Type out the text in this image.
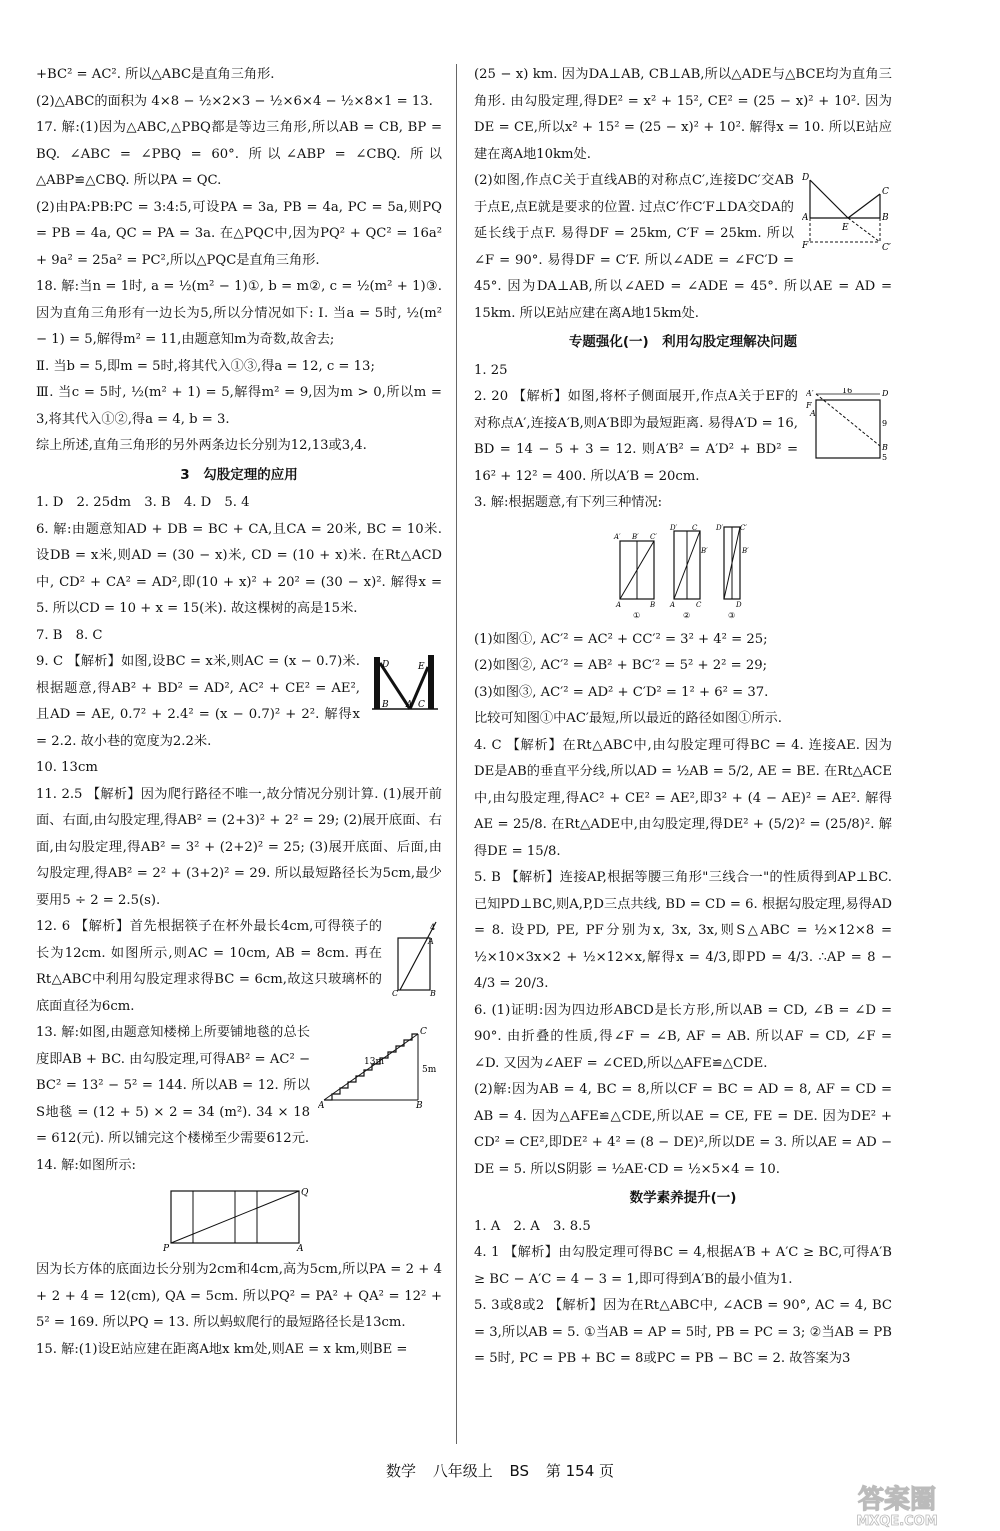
+BC² = AC². 所以△ABC是直角三角形.

(2)△ABC的面积为 4×8 − ½×2×3 − ½×6×4 − ½×8×1 = 13.

17. 解:(1)因为△ABC,△PBQ都是等边三角形,所以AB = CB, BP = BQ. ∠ABC = ∠PBQ = 60°. 所以∠ABP = ∠CBQ. 所以△ABP≌△CBQ. 所以PA = QC.

(2)由PA:PB:PC = 3:4:5,可设PA = 3a, PB = 4a, PC = 5a,则PQ = PB = 4a, QC = PA = 3a. 在△PQC中,因为PQ² + QC² = 16a² + 9a² = 25a² = PC²,所以△PQC是直角三角形.

18. 解:当n = 1时, a = ½(m² − 1)①, b = m②, c = ½(m² + 1)③. 因为直角三角形有一边长为5,所以分情况如下: Ⅰ. 当a = 5时, ½(m² − 1) = 5,解得m² = 11,由题意知m为奇数,故舍去;

Ⅱ. 当b = 5,即m = 5时,将其代入①③,得a = 12, c = 13;

Ⅲ. 当c = 5时, ½(m² + 1) = 5,解得m² = 9,因为m > 0,所以m = 3,将其代入①②,得a = 4, b = 3.

综上所述,直角三角形的另外两条边长分别为12,13或3,4.

3　勾股定理的应用

1. D　2. 25dm　3. B　4. D　5. 4

6. 解:由题意知AD + DB = BC + CA,且CA = 20米, BC = 10米. 设DB = x米,则AD = (30 − x)米, CD = (10 + x)米. 在Rt△ACD中, CD² + CA² = AD²,即(10 + x)² + 20² = (30 − x)². 解得x = 5. 所以CD = 10 + x = 15(米). 故这棵树的高是15米.

7. B　8. C

D	E
B A C

9. C 【解析】如图,设BC = x米,则AC = (x − 0.7)米. 根据题意,得AB² + BD² = AD², AC² + CE² = AE², 且AD = AE, 0.7² + 2.4² = (x − 0.7)² + 2². 解得x = 2.2. 故小巷的宽度为2.2米.

10. 13cm

11. 2.5 【解析】因为爬行路径不唯一,故分情况分别计算. (1)展开前面、右面,由勾股定理,得AB² = (2+3)² + 2² = 29; (2)展开底面、右面,由勾股定理,得AB² = 3² + (2+2)² = 25; (3)展开底面、后面,由勾股定理,得AB² = 2² + (3+2)² = 29. 所以最短路径长为5cm,最少要用5 ÷ 2 = 2.5(s).

4
A
C	B

12. 6 【解析】首先根据筷子在杯外最长4cm,可得筷子的长为12cm. 如图所示,则AC = 10cm, AB = 8cm. 再在Rt△ABC中利用勾股定理求得BC = 6cm,故这只玻璃杯的底面直径为6cm.

C
13m
5m
A	B

13. 解:如图,由题意知楼梯上所要铺地毯的总长度即AB + BC. 由勾股定理,可得AB² = AC² − BC² = 13² − 5² = 144. 所以AB = 12. 所以S地毯 = (12 + 5) × 2 = 34 (m²). 34 × 18 = 612(元). 所以铺完这个楼梯至少需要612元.

14. 解:如图所示:

Q
P	A

因为长方体的底面边长分别为2cm和4cm,高为5cm,所以PA = 2 + 4 + 2 + 4 = 12(cm), QA = 5cm. 所以PQ² = PA² + QA² = 12² + 5² = 169. 所以PQ = 13. 所以蚂蚁爬行的最短路径长是13cm.

15. 解:(1)设E站应建在距离A地x km处,则AE = x km,则BE =

(25 − x) km. 因为DA⊥AB, CB⊥AB,所以△ADE与△BCE均为直角三角形. 由勾股定理,得DE² = x² + 15², CE² = (25 − x)² + 10². 因为DE = CE,所以x² + 15² = (25 − x)² + 10². 解得x = 10. 所以E站应建在离A地10km处.

D
C
A
E
B
F	C′

(2)如图,作点C关于直线AB的对称点C′,连接DC′交AB于点E,点E就是要求的位置. 过点C′作C′F⊥DA交DA的延长线于点F. 易得DF = 25km, C′F = 25km. 所以∠F = 90°. 易得DF = C′F. 所以∠ADE = ∠FC′D = 45°. 因为DA⊥AB,所以∠AED = ∠ADE = 45°. 所以AE = AD = 15km. 所以E站应建在离A地15km处.

专题强化(一)　利用勾股定理解决问题

1. 25

A′	16	D
F
A
9
B
5

2. 20 【解析】如图,将杯子侧面展开,作点A关于EF的对称点A′,连接A′B,则A′B即为最短距离. 易得A′D = 16, BD = 14 − 5 + 3 = 12. 则A′B² = A′D² + BD² = 16² + 12² = 400. 所以A′B = 20cm.

3. 解:根据题意,有下列三种情况:

A′ B′ C′
D′ C
B′
D′ C′
B′
A	B	C
A	D
①	②	③

(1)如图①, AC′² = AC² + CC′² = 3² + 4² = 25;

(2)如图②, AC′² = AB² + BC′² = 5² + 2² = 29;

(3)如图③, AC′² = AD² + C′D² = 1² + 6² = 37.

比较可知图①中AC′最短,所以最近的路径如图①所示.

4. C 【解析】在Rt△ABC中,由勾股定理可得BC = 4. 连接AE. 因为DE是AB的垂直平分线,所以AD = ½AB = 5/2, AE = BE. 在Rt△ACE中,由勾股定理,得AC² + CE² = AE²,即3² + (4 − AE)² = AE². 解得AE = 25/8. 在Rt△ADE中,由勾股定理,得DE² + (5/2)² = (25/8)². 解得DE = 15/8.

5. B 【解析】连接AP,根据等腰三角形"三线合一"的性质得到AP⊥BC. 已知PD⊥BC,则A,P,D三点共线, BD = CD = 6. 根据勾股定理,易得AD = 8. 设PD, PE, PF分别为x, 3x, 3x,则S△ABC = ½×12×8 = ½×10×3x×2 + ½×12×x,解得x = 4/3,即PD = 4/3. ∴AP = 8 − 4/3 = 20/3.

6. (1)证明:因为四边形ABCD是长方形,所以AB = CD, ∠B = ∠D = 90°. 由折叠的性质,得∠F = ∠B, AF = AB. 所以AF = CD, ∠F = ∠D. 又因为∠AEF = ∠CED,所以△AFE≌△CDE.

(2)解:因为AB = 4, BC = 8,所以CF = BC = AD = 8, AF = CD = AB = 4. 因为△AFE≌△CDE,所以AE = CE, FE = DE. 因为DE² + CD² = CE²,即DE² + 4² = (8 − DE)²,所以DE = 3. 所以AE = AD − DE = 5. 所以S阴影 = ½AE·CD = ½×5×4 = 10.

数学素养提升(一)

1. A　2. A　3. 8.5

4. 1 【解析】由勾股定理可得BC = 4,根据A′B + A′C ≥ BC,可得A′B ≥ BC − A′C = 4 − 3 = 1,即可得到A′B的最小值为1.

5. 3或8或2 【解析】因为在Rt△ABC中, ∠ACB = 90°, AC = 4, BC = 3,所以AB = 5. ①当AB = AP = 5时, PB = PC = 3; ②当AB = PB = 5时, PC = PB + BC = 8或PC = PB − BC = 2. 故答案为3

数学 八年级上 BS 第 154 页
答案圈
MXQE.COM
